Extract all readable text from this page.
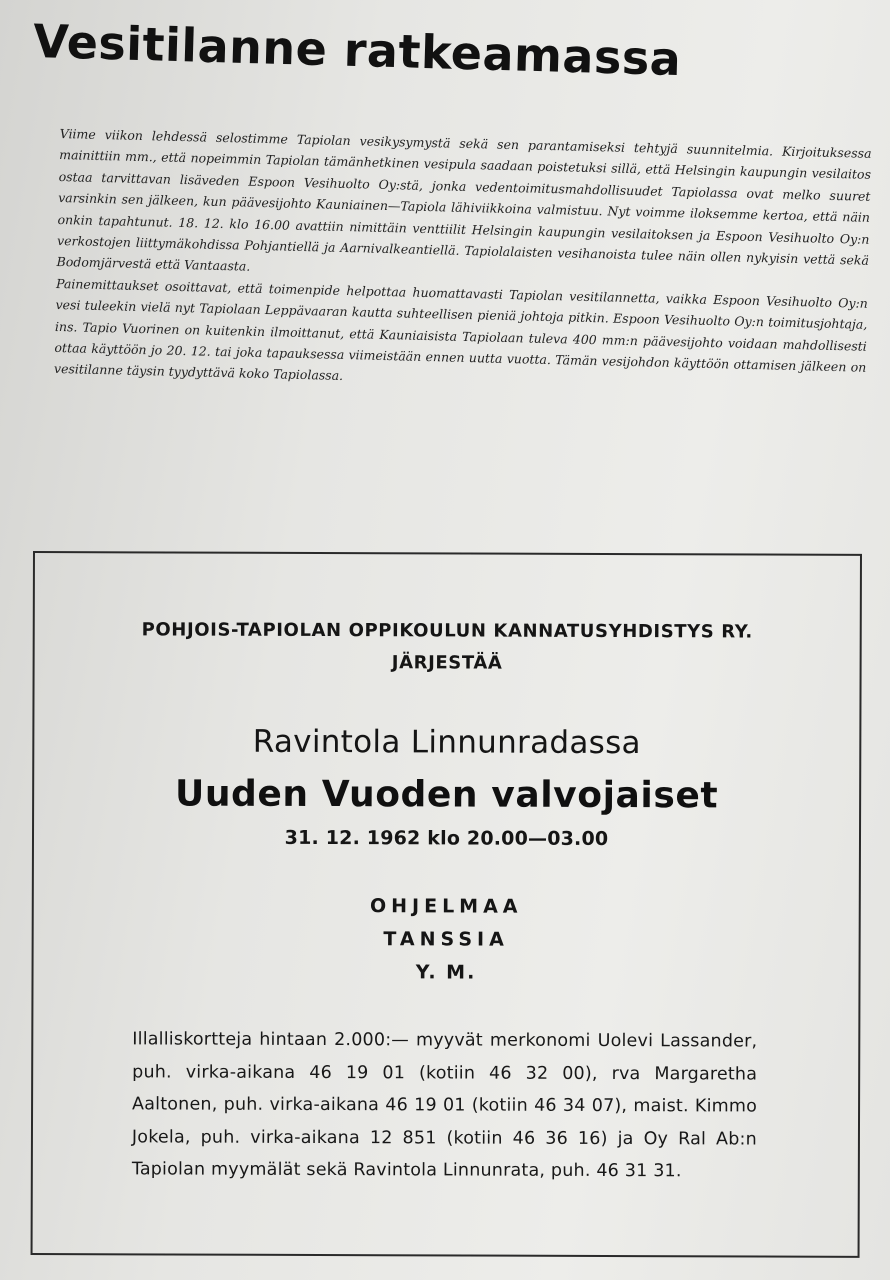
Vesitilanne ratkeamassa

Viime viikon lehdessä selostimme Tapiolan vesikysymystä sekä sen parantamiseksi tehtyjä suunnitelmia. Kirjoituksessa mainittiin mm., että nopeimmin Tapiolan tämänhetkinen vesipula saadaan poistetuksi sillä, että Helsingin kaupungin vesilaitos ostaa tarvittavan lisäveden Espoon Vesihuolto Oy:stä, jonka vedentoimitusmahdollisuudet Tapiolassa ovat melko suuret varsinkin sen jälkeen, kun päävesijohto Kauniainen—Tapiola lähiviikkoina valmistuu. Nyt voimme iloksemme kertoa, että näin onkin tapahtunut. 18. 12. klo 16.00 avattiin nimittäin venttiilit Helsingin kaupungin vesilaitoksen ja Espoon Vesihuolto Oy:n verkostojen liittymäkohdissa Pohjantiellä ja Aarnivalkeantiellä. Tapiolalaisten vesihanoista tulee näin ollen nykyisin vettä sekä Bodomjärvestä että Vantaasta.

Painemittaukset osoittavat, että toimenpide helpottaa huomattavasti Tapiolan vesitilannetta, vaikka Espoon Vesihuolto Oy:n vesi tuleekin vielä nyt Tapiolaan Leppävaaran kautta suhteellisen pieniä johtoja pitkin. Espoon Vesihuolto Oy:n toimitusjohtaja, ins. Tapio Vuorinen on kuitenkin ilmoittanut, että Kauniaisista Tapiolaan tuleva 400 mm:n päävesijohto voidaan mahdollisesti ottaa käyttöön jo 20. 12. tai joka tapauksessa viimeistään ennen uutta vuotta. Tämän vesijohdon käyttöön ottamisen jälkeen on vesitilanne täysin tyydyttävä koko Tapiolassa.

POHJOIS-TAPIOLAN OPPIKOULUN KANNATUSYHDISTYS RY.
JÄRJESTÄÄ
Ravintola Linnunradassa
Uuden Vuoden valvojaiset
31. 12. 1962 klo 20.00—03.00
OHJELMAA
TANSSIA
Y. M.
Illalliskortteja hintaan 2.000:— myyvät merkonomi Uolevi Lassander, puh. virka-aikana 46 19 01 (kotiin 46 32 00), rva Margaretha Aaltonen, puh. virka-aikana 46 19 01 (kotiin 46 34 07), maist. Kimmo Jokela, puh. virka-aikana 12 851 (kotiin 46 36 16) ja Oy Ral Ab:n Tapiolan myymälät sekä Ravintola Linnunrata, puh. 46 31 31.
